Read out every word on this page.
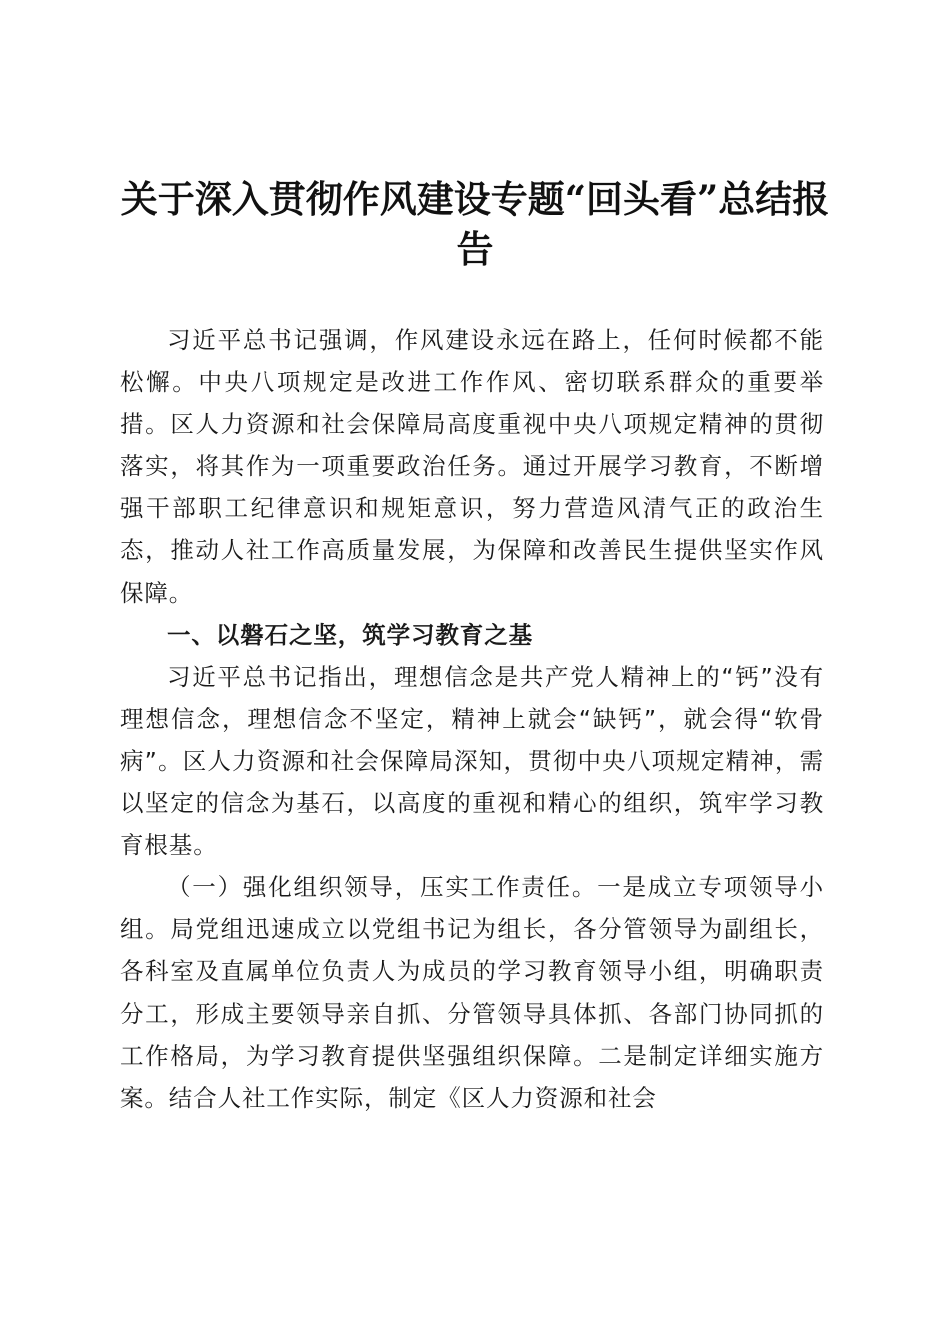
关于深入贯彻作风建设专题“回头看”总结报告

习近平总书记强调，作风建设永远在路上，任何时候都不能松懈。中央八项规定是改进工作作风、密切联系群众的重要举措。区人力资源和社会保障局高度重视中央八项规定精神的贯彻落实，将其作为一项重要政治任务。通过开展学习教育，不断增强干部职工纪律意识和规矩意识，努力营造风清气正的政治生态，推动人社工作高质量发展，为保障和改善民生提供坚实作风保障。

一、以磐石之坚，筑学习教育之基

习近平总书记指出，理想信念是共产党人精神上的“钙”没有理想信念，理想信念不坚定，精神上就会“缺钙”，就会得“软骨病”。区人力资源和社会保障局深知，贯彻中央八项规定精神，需以坚定的信念为基石，以高度的重视和精心的组织，筑牢学习教育根基。

（一）强化组织领导，压实工作责任。一是成立专项领导小组。局党组迅速成立以党组书记为组长，各分管领导为副组长，各科室及直属单位负责人为成员的学习教育领导小组，明确职责分工，形成主要领导亲自抓、分管领导具体抓、各部门协同抓的工作格局，为学习教育提供坚强组织保障。二是制定详细实施方案。结合人社工作实际，制定《区人力资源和社会
